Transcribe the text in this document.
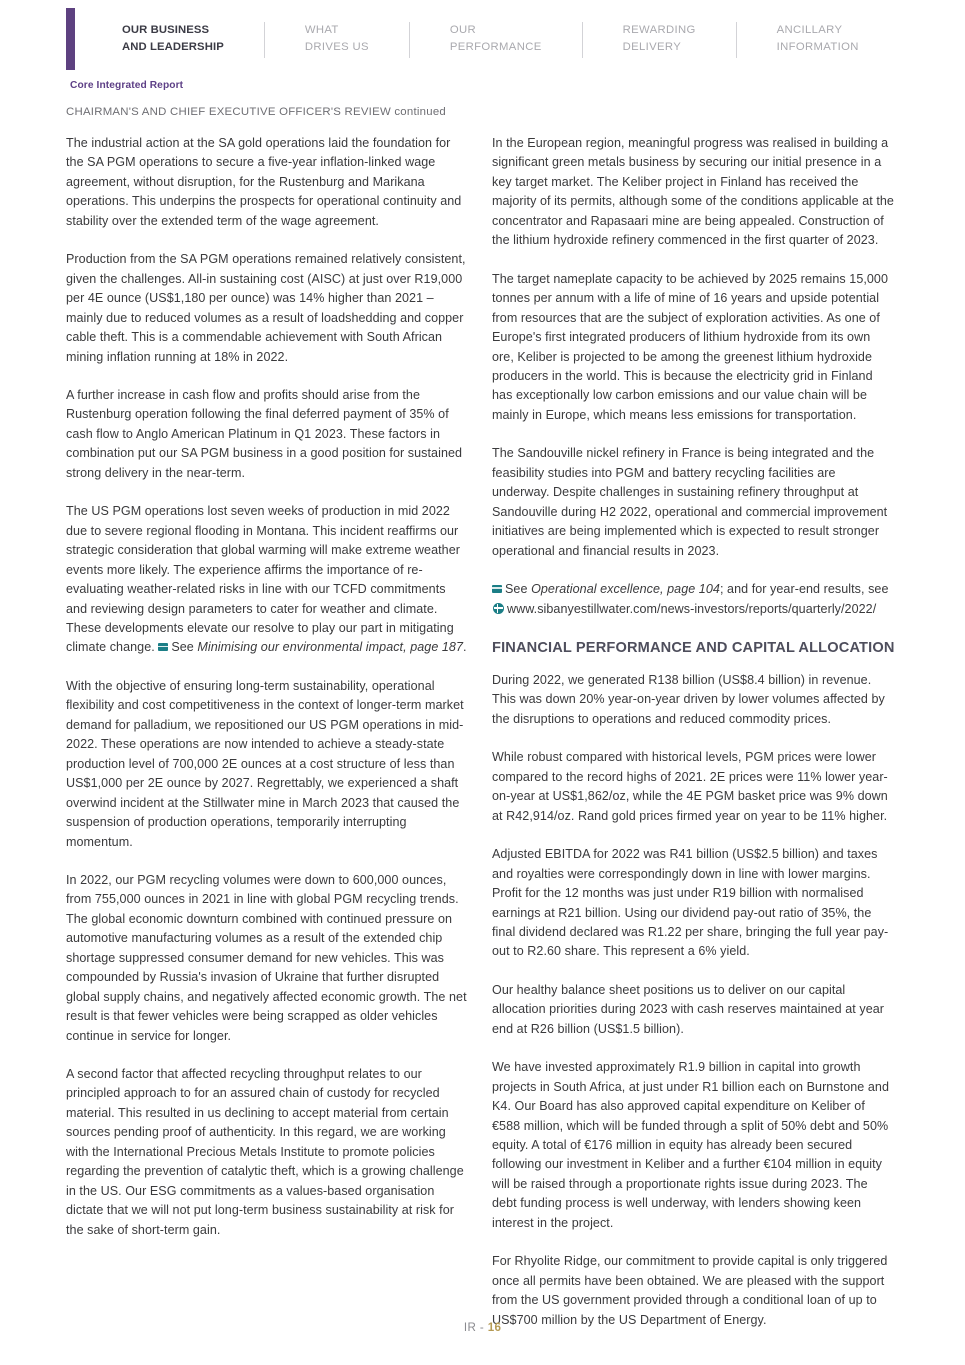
OUR BUSINESS
AND LEADERSHIP
WHAT
DRIVES US
OUR
PERFORMANCE
REWARDING
DELIVERY
ANCILLARY
INFORMATION
Core Integrated Report
CHAIRMAN'S AND CHIEF EXECUTIVE OFFICER'S REVIEW continued

The industrial action at the SA gold operations laid the foundation for the SA PGM operations to secure a five-year inflation-linked wage agreement, without disruption, for the Rustenburg and Marikana operations. This underpins the prospects for operational continuity and stability over the extended term of the wage agreement.

Production from the SA PGM operations remained relatively consistent, given the challenges. All-in sustaining cost (AISC) at just over R19,000 per 4E ounce (US$1,180 per ounce) was 14% higher than 2021 – mainly due to reduced volumes as a result of loadshedding and copper cable theft. This is a commendable achievement with South African mining inflation running at 18% in 2022.

A further increase in cash flow and profits should arise from the Rustenburg operation following the final deferred payment of 35% of cash flow to Anglo American Platinum in Q1 2023. These factors in combination put our SA PGM business in a good position for sustained strong delivery in the near-term.

The US PGM operations lost seven weeks of production in mid 2022 due to severe regional flooding in Montana. This incident reaffirms our strategic consideration that global warming will make extreme weather events more likely. The experience affirms the importance of re-evaluating weather-related risks in line with our TCFD commitments and reviewing design parameters to cater for weather and climate. These developments elevate our resolve to play our part in mitigating climate change. See Minimising our environmental impact, page 187.

With the objective of ensuring long-term sustainability, operational flexibility and cost competitiveness in the context of longer-term market demand for palladium, we repositioned our US PGM operations in mid-2022. These operations are now intended to achieve a steady-state production level of 700,000 2E ounces at a cost structure of less than US$1,000 per 2E ounce by 2027. Regrettably, we experienced a shaft overwind incident at the Stillwater mine in March 2023 that caused the suspension of production operations, temporarily interrupting momentum.

In 2022, our PGM recycling volumes were down to 600,000 ounces, from 755,000 ounces in 2021 in line with global PGM recycling trends. The global economic downturn combined with continued pressure on automotive manufacturing volumes as a result of the extended chip shortage suppressed consumer demand for new vehicles. This was compounded by Russia's invasion of Ukraine that further disrupted global supply chains, and negatively affected economic growth. The net result is that fewer vehicles were being scrapped as older vehicles continue in service for longer.

A second factor that affected recycling throughput relates to our principled approach to for an assured chain of custody for recycled material. This resulted in us declining to accept material from certain sources pending proof of authenticity. In this regard, we are working with the International Precious Metals Institute to promote policies regarding the prevention of catalytic theft, which is a growing challenge in the US. Our ESG commitments as a values-based organisation dictate that we will not put long-term business sustainability at risk for the sake of short-term gain.

In the European region, meaningful progress was realised in building a significant green metals business by securing our initial presence in a key target market. The Keliber project in Finland has received the majority of its permits, although some of the conditions applicable at the concentrator and Rapasaari mine are being appealed. Construction of the lithium hydroxide refinery commenced in the first quarter of 2023.

The target nameplate capacity to be achieved by 2025 remains 15,000 tonnes per annum with a life of mine of 16 years and upside potential from resources that are the subject of exploration activities. As one of Europe's first integrated producers of lithium hydroxide from its own ore, Keliber is projected to be among the greenest lithium hydroxide producers in the world. This is because the electricity grid in Finland has exceptionally low carbon emissions and our value chain will be mainly in Europe, which means less emissions for transportation.

The Sandouville nickel refinery in France is being integrated and the feasibility studies into PGM and battery recycling facilities are underway. Despite challenges in sustaining refinery throughput at Sandouville during H2 2022, operational and commercial improvement initiatives are being implemented which is expected to result stronger operational and financial results in 2023.

See Operational excellence, page 104; and for year-end results, see www.sibanyestillwater.com/news-investors/reports/quarterly/2022/

FINANCIAL PERFORMANCE AND CAPITAL ALLOCATION

During 2022, we generated R138 billion (US$8.4 billion) in revenue. This was down 20% year-on-year driven by lower volumes affected by the disruptions to operations and reduced commodity prices.

While robust compared with historical levels, PGM prices were lower compared to the record highs of 2021. 2E prices were 11% lower year-on-year at US$1,862/oz, while the 4E PGM basket price was 9% down at R42,914/oz. Rand gold prices firmed year on year to be 11% higher.

Adjusted EBITDA for 2022 was R41 billion (US$2.5 billion) and taxes and royalties were correspondingly down in line with lower margins. Profit for the 12 months was just under R19 billion with normalised earnings at R21 billion. Using our dividend pay-out ratio of 35%, the final dividend declared was R1.22 per share, bringing the full year pay-out to R2.60 share. This represent a 6% yield.

Our healthy balance sheet positions us to deliver on our capital allocation priorities during 2023 with cash reserves maintained at year end at R26 billion (US$1.5 billion).

We have invested approximately R1.9 billion in capital into growth projects in South Africa, at just under R1 billion each on Burnstone and K4. Our Board has also approved capital expenditure on Keliber of €588 million, which will be funded through a split of 50% debt and 50% equity. A total of €176 million in equity has already been secured following our investment in Keliber and a further €104 million in equity will be raised through a proportionate rights issue during 2023. The debt funding process is well underway, with lenders showing keen interest in the project.

For Rhyolite Ridge, our commitment to provide capital is only triggered once all permits have been obtained. We are pleased with the support from the US government provided through a conditional loan of up to US$700 million by the US Department of Energy.

IR - 16
